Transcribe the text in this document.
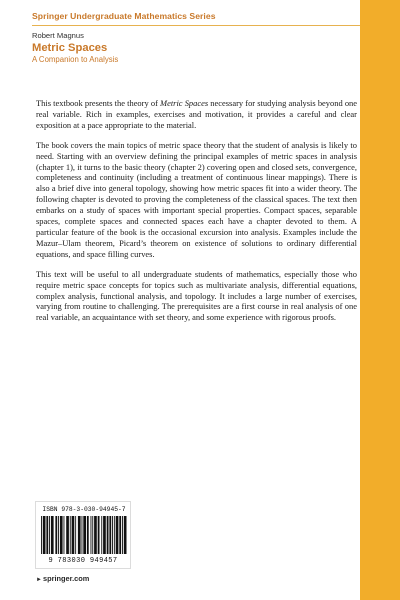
Springer Undergraduate Mathematics Series
Robert Magnus
Metric Spaces
A Companion to Analysis

This textbook presents the theory of Metric Spaces necessary for studying analysis beyond one real variable. Rich in examples, exercises and motivation, it provides a careful and clear exposition at a pace appropriate to the material.

The book covers the main topics of metric space theory that the student of analysis is likely to need. Starting with an overview defining the principal examples of metric spaces in analysis (chapter 1), it turns to the basic theory (chapter 2) covering open and closed sets, convergence, completeness and continuity (including a treatment of continuous linear mappings). There is also a brief dive into general topology, showing how metric spaces fit into a wider theory. The following chapter is devoted to proving the completeness of the classical spaces. The text then embarks on a study of spaces with important special properties. Compact spaces, separable spaces, complete spaces and connected spaces each have a chapter devoted to them. A particular feature of the book is the occasional excursion into analysis. Examples include the Mazur–Ulam theorem, Picard’s theorem on existence of solutions to ordinary differential equations, and space filling curves.

This text will be useful to all undergraduate students of mathematics, especially those who require metric space concepts for topics such as multivariate analysis, differential equations, complex analysis, functional analysis, and topology. It includes a large number of exercises, varying from routine to challenging. The prerequisites are a first course in real analysis of one real variable, an acquaintance with set theory, and some experience with rigorous proofs.

ISBN 978-3-030-94945-7
9 783030 949457
►springer.com
